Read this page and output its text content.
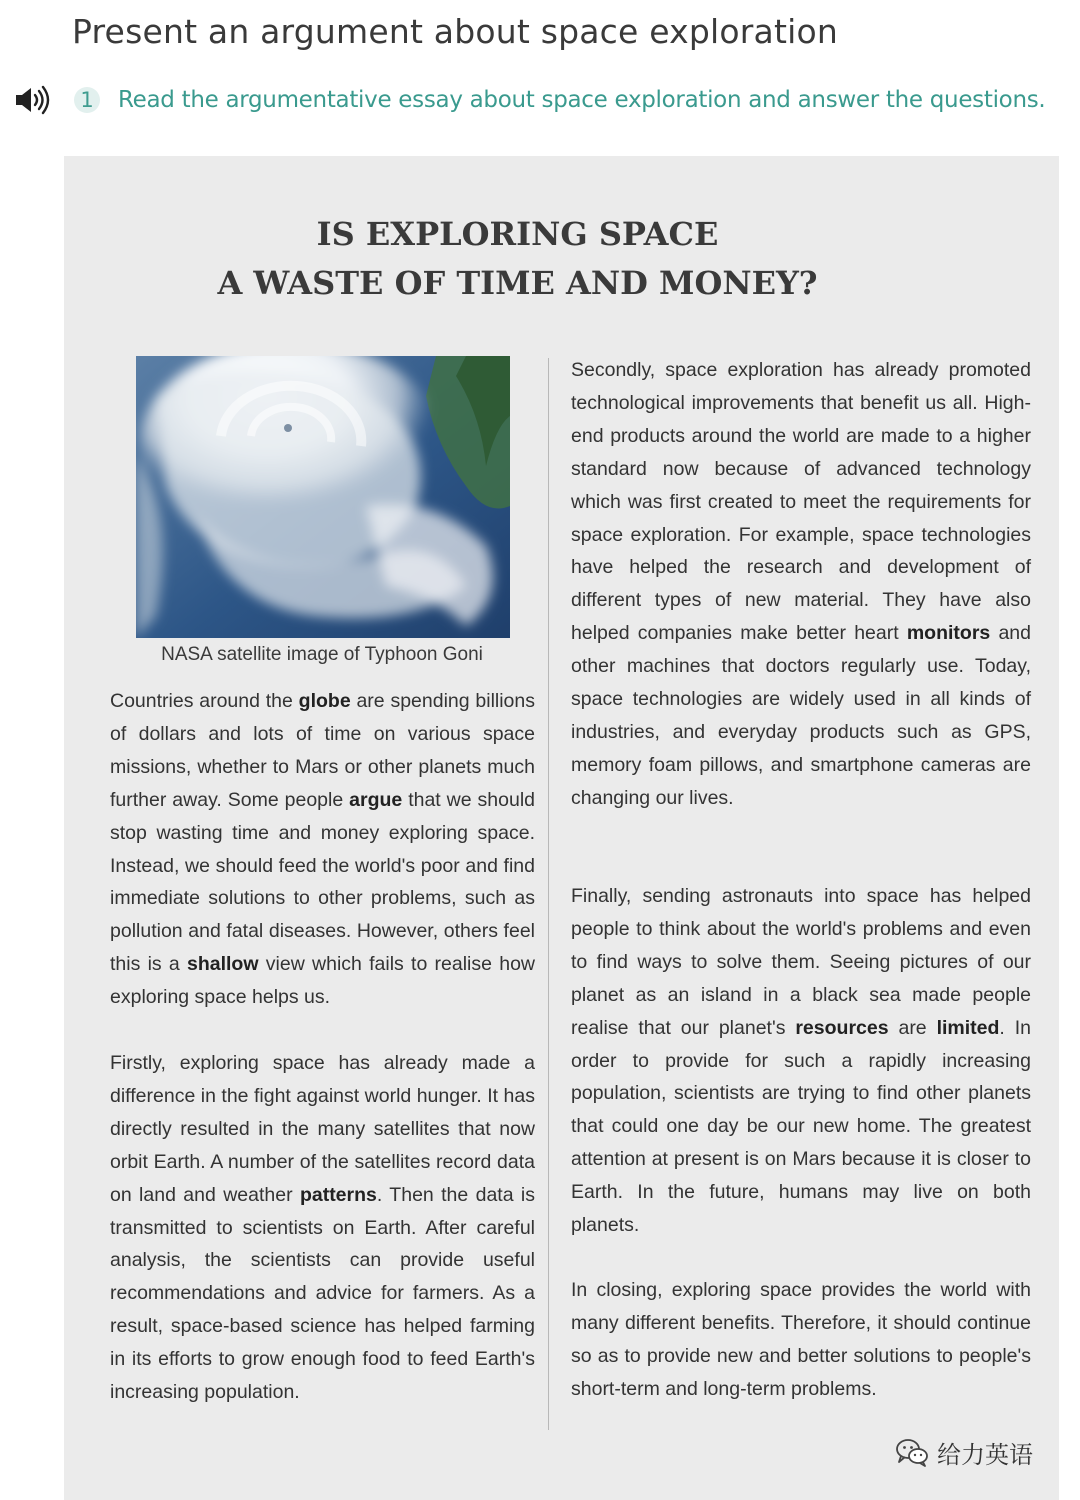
Present an argument about space exploration
1 Read the argumentative essay about space exploration and answer the questions.
IS EXPLORING SPACE
A WASTE OF TIME AND MONEY?
NASA satellite image of Typhoon Goni

Countries around the globe are spending billions of dollars and lots of time on various space missions, whether to Mars or other planets much further away. Some people argue that we should stop wasting time and money exploring space. Instead, we should feed the world's poor and find immediate solutions to other problems, such as pollution and fatal diseases. However, others feel this is a shallow view which fails to realise how exploring space helps us.

Firstly, exploring space has already made a difference in the fight against world hunger. It has directly resulted in the many satellites that now orbit Earth. A number of the satellites record data on land and weather patterns. Then the data is transmitted to scientists on Earth. After careful analysis, the scientists can provide useful recommendations and advice for farmers. As a result, space-based science has helped farming in its efforts to grow enough food to feed Earth's increasing population.

Secondly, space exploration has already promoted technological improvements that benefit us all. High-end products around the world are made to a higher standard now because of advanced technology which was first created to meet the requirements for space exploration. For example, space technologies have helped the research and development of different types of new material. They have also helped companies make better heart monitors and other machines that doctors regularly use. Today, space technologies are widely used in all kinds of industries, and everyday products such as GPS, memory foam pillows, and smartphone cameras are changing our lives.

Finally, sending astronauts into space has helped people to think about the world's problems and even to find ways to solve them. Seeing pictures of our planet as an island in a black sea made people realise that our planet's resources are limited. In order to provide for such a rapidly increasing population, scientists are trying to find other planets that could one day be our new home. The greatest attention at present is on Mars because it is closer to Earth. In the future, humans may live on both planets.

In closing, exploring space provides the world with many different benefits. Therefore, it should continue so as to provide new and better solutions to people's short-term and long-term problems.

给力英语
